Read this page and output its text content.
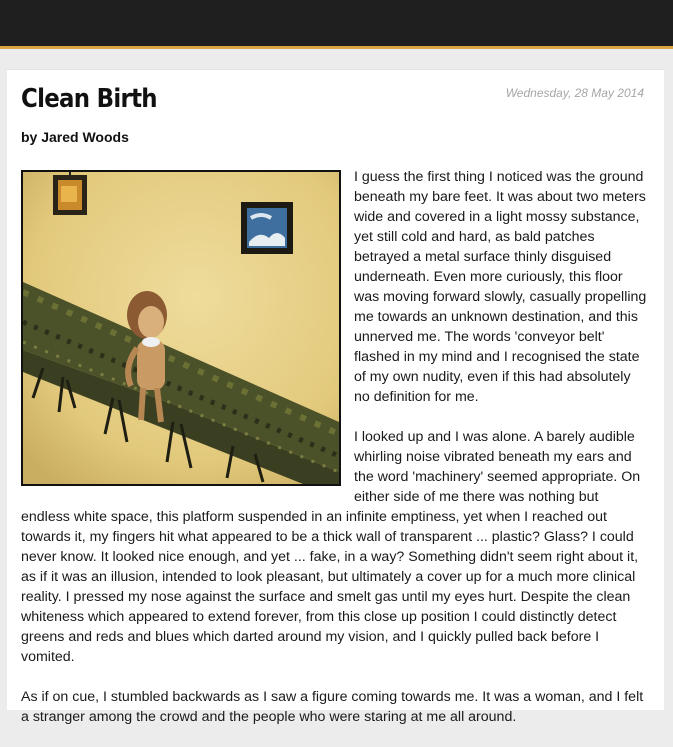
Clean Birth	Wednesday, 28 May 2014
by Jared Woods

I guess the first thing I noticed was the ground beneath my bare feet. It was about two meters wide and covered in a light mossy substance, yet still cold and hard, as bald patches betrayed a metal surface thinly disguised underneath. Even more curiously, this floor was moving forward slowly, casually propelling me towards an unknown destination, and this unnerved me. The words 'conveyor belt' flashed in my mind and I recognised the state of my own nudity, even if this had absolutely no definition for me.

I looked up and I was alone. A barely audible whirling noise vibrated beneath my ears and the word 'machinery' seemed appropriate. On either side of me there was nothing but endless white space, this platform suspended in an infinite emptiness, yet when I reached out towards it, my fingers hit what appeared to be a thick wall of transparent ... plastic? Glass? I could never know. It looked nice enough, and yet ... fake, in a way? Something didn't seem right about it, as if it was an illusion, intended to look pleasant, but ultimately a cover up for a much more clinical reality. I pressed my nose against the surface and smelt gas until my eyes hurt. Despite the clean whiteness which appeared to extend forever, from this close up position I could distinctly detect greens and reds and blues which darted around my vision, and I quickly pulled back before I vomited.

As if on cue, I stumbled backwards as I saw a figure coming towards me. It was a woman, and I felt a stranger among the crowd and the people who were staring at me all around.
